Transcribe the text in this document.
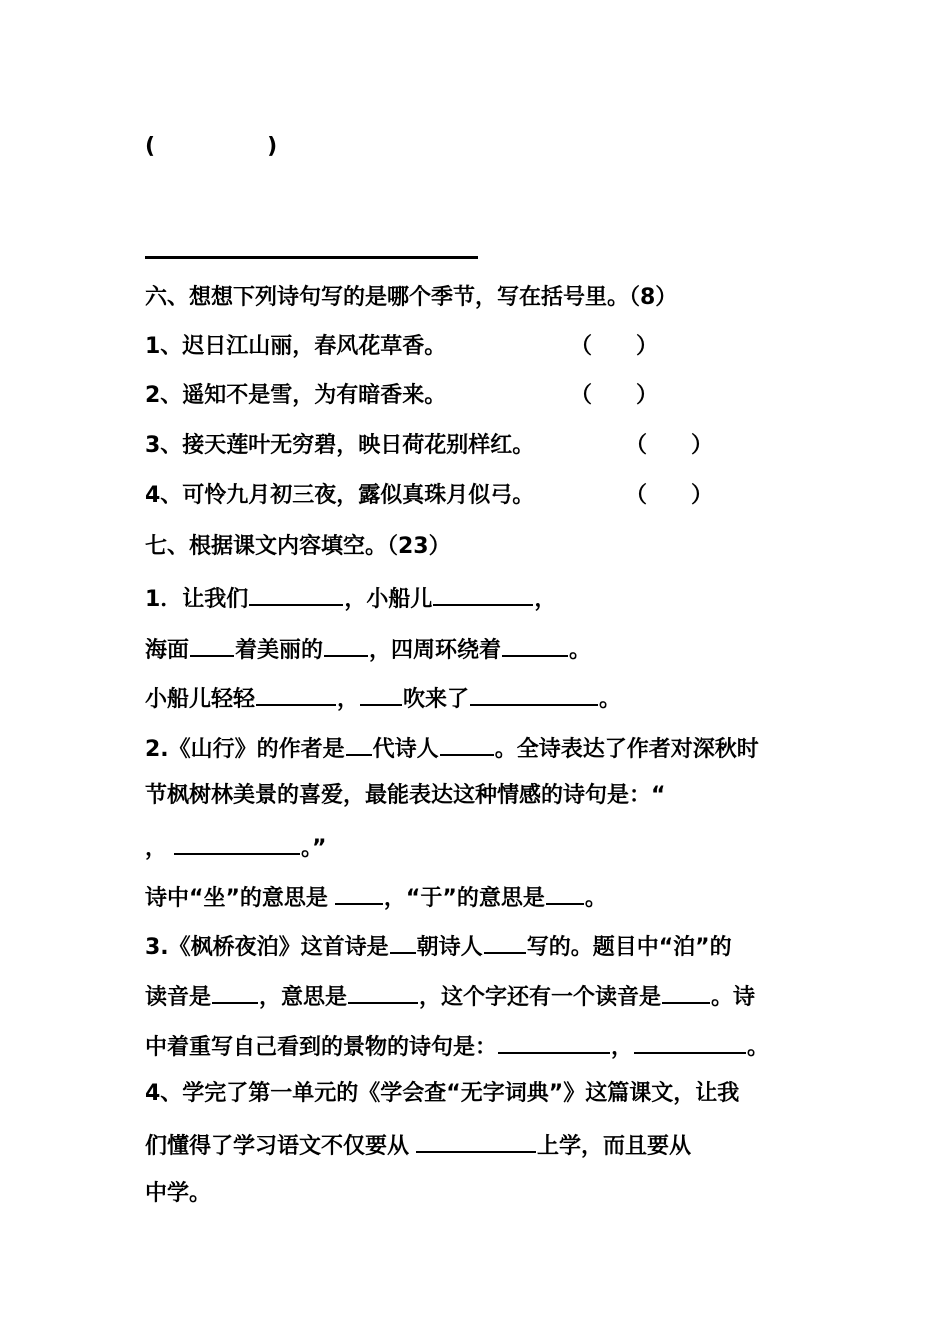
(	)
六、想想下列诗句写的是哪个季节，写在括号里。（8）
1、迟日江山丽，春风花草香。	（　　）
2、遥知不是雪，为有暗香来。	（　　）
3、接天莲叶无穷碧，映日荷花别样红。	（　　）
4、可怜九月初三夜，露似真珠月似弓。	（　　）
七、根据课文内容填空。（23）
1．让我们	，小船儿	，
海面 着美丽的 ，四周环绕着	。
小船儿轻轻	， 吹来了	。
2.《山行》的作者是 代诗人	。全诗表达了作者对深秋时
节枫树林美景的喜爱，最能表达这种情感的诗句是：“
，	。”
诗中“坐”的意思是	，“于”的意思是 。
3.《枫桥夜泊》这首诗是 朝诗人 写的。题目中“泊”的
读音是 ，意思是	，这个字还有一个读音是 。诗
中着重写自己看到的景物的诗句是：	，	。
4、学完了第一单元的《学会查“无字词典”》这篇课文，让我
们懂得了学习语文不仅要从	上学，而且要从
中学。
